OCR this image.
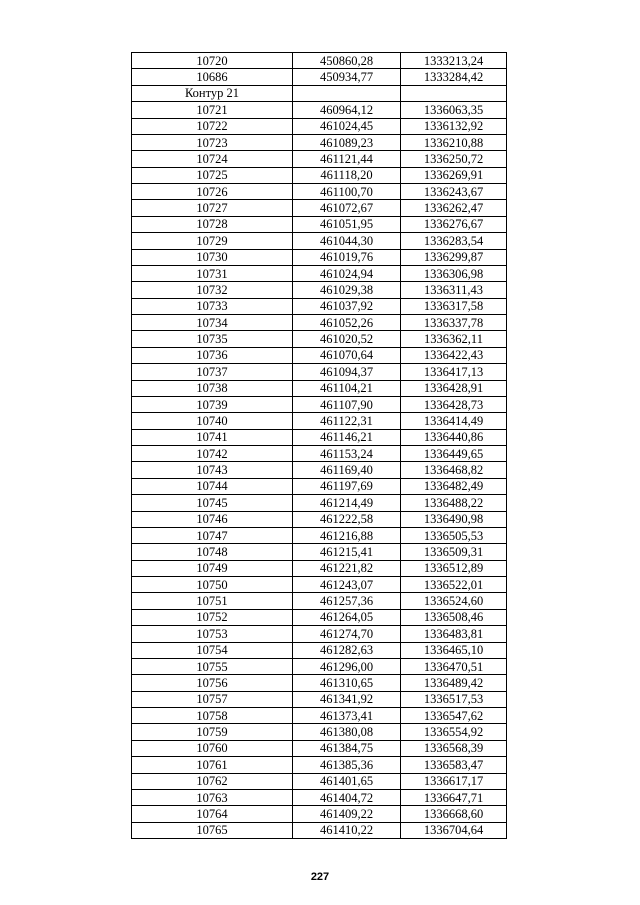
10720	450860,28	1333213,24
10686	450934,77	1333284,42
Контур 21		
10721	460964,12	1336063,35
10722	461024,45	1336132,92
10723	461089,23	1336210,88
10724	461121,44	1336250,72
10725	461118,20	1336269,91
10726	461100,70	1336243,67
10727	461072,67	1336262,47
10728	461051,95	1336276,67
10729	461044,30	1336283,54
10730	461019,76	1336299,87
10731	461024,94	1336306,98
10732	461029,38	1336311,43
10733	461037,92	1336317,58
10734	461052,26	1336337,78
10735	461020,52	1336362,11
10736	461070,64	1336422,43
10737	461094,37	1336417,13
10738	461104,21	1336428,91
10739	461107,90	1336428,73
10740	461122,31	1336414,49
10741	461146,21	1336440,86
10742	461153,24	1336449,65
10743	461169,40	1336468,82
10744	461197,69	1336482,49
10745	461214,49	1336488,22
10746	461222,58	1336490,98
10747	461216,88	1336505,53
10748	461215,41	1336509,31
10749	461221,82	1336512,89
10750	461243,07	1336522,01
10751	461257,36	1336524,60
10752	461264,05	1336508,46
10753	461274,70	1336483,81
10754	461282,63	1336465,10
10755	461296,00	1336470,51
10756	461310,65	1336489,42
10757	461341,92	1336517,53
10758	461373,41	1336547,62
10759	461380,08	1336554,92
10760	461384,75	1336568,39
10761	461385,36	1336583,47
10762	461401,65	1336617,17
10763	461404,72	1336647,71
10764	461409,22	1336668,60
10765	461410,22	1336704,64
227
